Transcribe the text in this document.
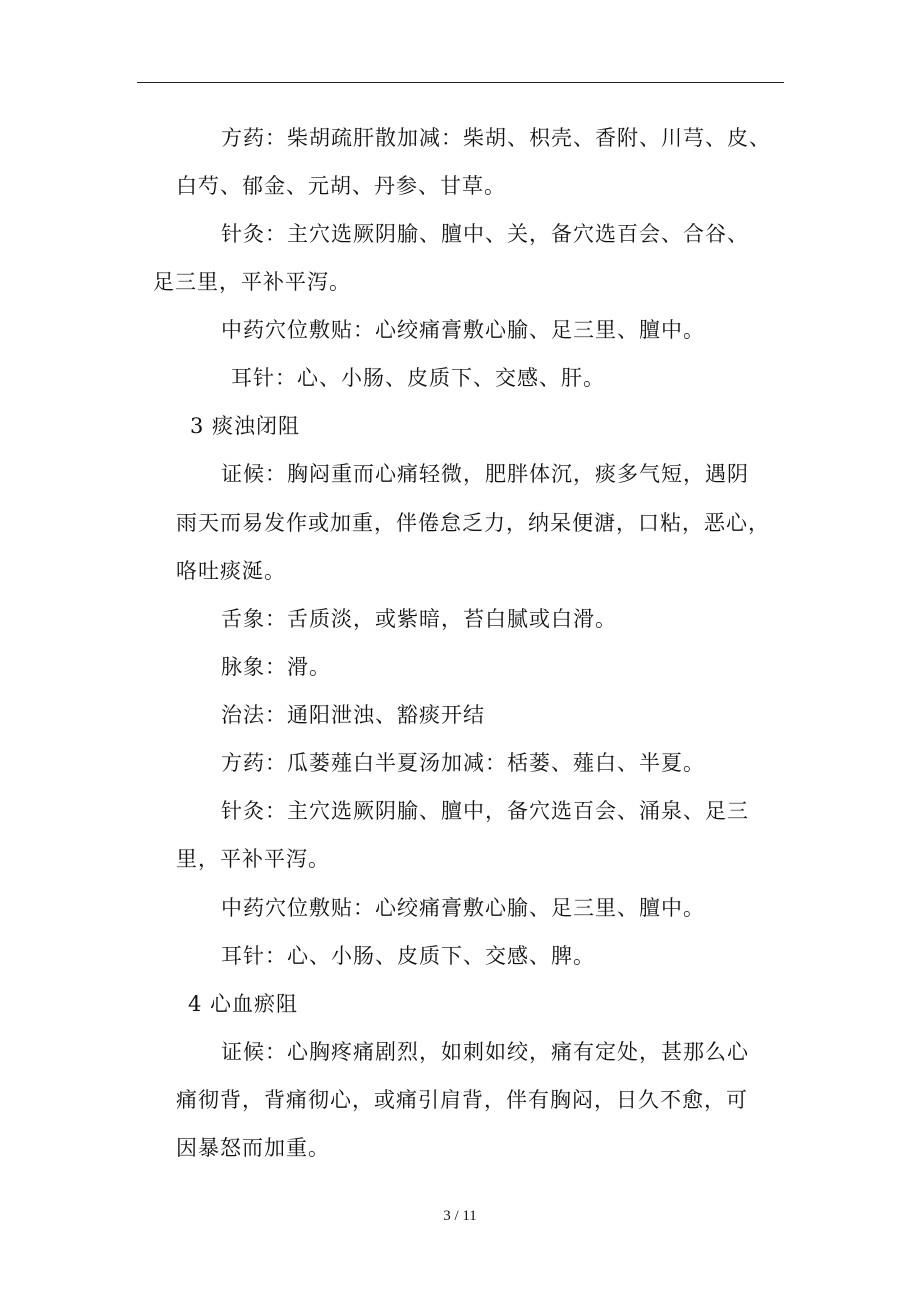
方药：柴胡疏肝散加减：柴胡、枳壳、香附、川芎、皮、
白芍、郁金、元胡、丹参、甘草。
针灸：主穴选厥阴腧、膻中、关，备穴选百会、合谷、
足三里，平补平泻。
中药穴位敷贴：心绞痛膏敷心腧、足三里、膻中。
耳针：心、小肠、皮质下、交感、肝。
3 痰浊闭阻
证候：胸闷重而心痛轻微，肥胖体沉，痰多气短，遇阴
雨天而易发作或加重，伴倦怠乏力，纳呆便溏，口粘，恶心，
咯吐痰涎。
舌象：舌质淡，或紫暗，苔白腻或白滑。
脉象：滑。
治法：通阳泄浊、豁痰开结
方药：瓜蒌薤白半夏汤加减：栝蒌、薤白、半夏。
针灸：主穴选厥阴腧、膻中，备穴选百会、涌泉、足三
里，平补平泻。
中药穴位敷贴：心绞痛膏敷心腧、足三里、膻中。
耳针：心、小肠、皮质下、交感、脾。
4 心血瘀阻
证候：心胸疼痛剧烈，如刺如绞，痛有定处，甚那么心
痛彻背，背痛彻心，或痛引肩背，伴有胸闷，日久不愈，可
因暴怒而加重。
3 / 11
